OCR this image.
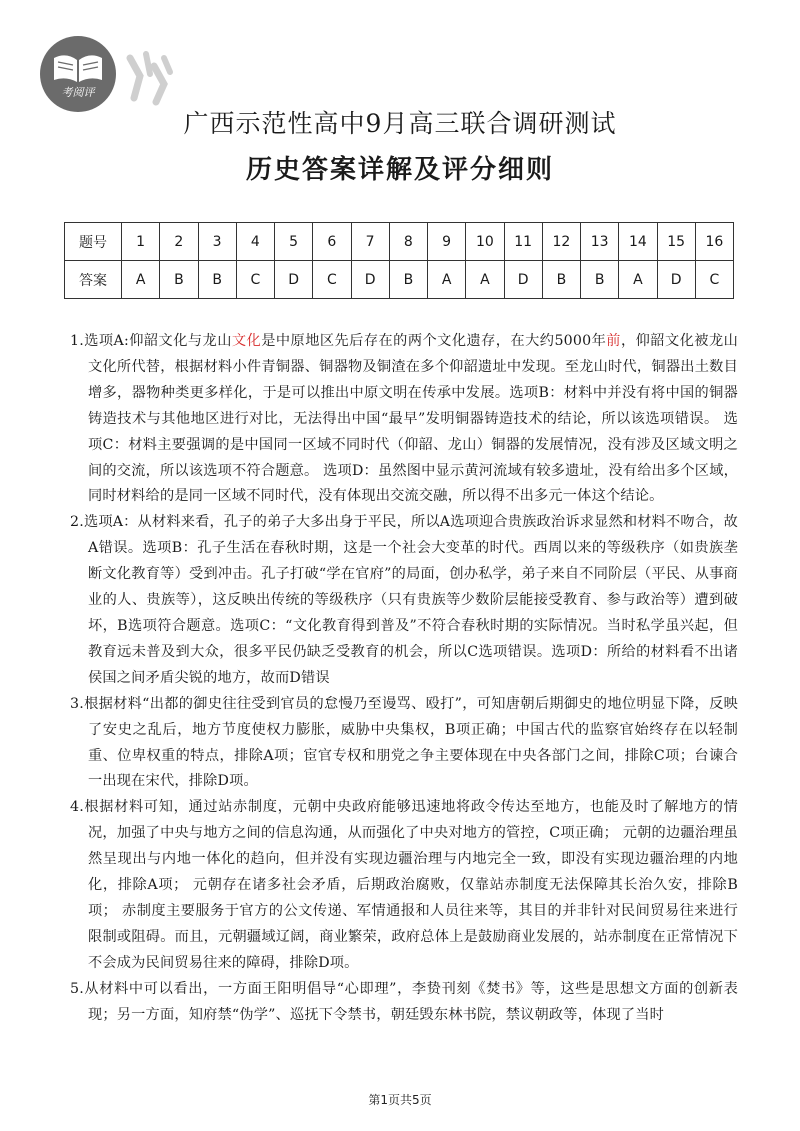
考阅评
广西示范性高中9月高三联合调研测试
历史答案详解及评分细则
题号	1	2	3	4	5	6	7	8	9	10	11	12	13	14	15	16
答案	A	B	B	C	D	C	D	B	A	A	D	B	B	A	D	C

1.选项A:仰韶文化与龙山文化是中原地区先后存在的两个文化遗存，在大约5000年前，仰韶文化被龙山文化所代替，根据材料小件青铜器、铜器物及铜渣在多个仰韶遗址中发现。至龙山时代，铜器出土数目增多，器物种类更多样化，于是可以推出中原文明在传承中发展。选项B：材料中并没有将中国的铜器铸造技术与其他地区进行对比，无法得出中国“最早”发明铜器铸造技术的结论，所以该选项错误。 选项C：材料主要强调的是中国同一区域不同时代（仰韶、龙山）铜器的发展情况，没有涉及区域文明之间的交流，所以该选项不符合题意。 选项D：虽然图中显示黄河流域有较多遗址，没有给出多个区域，同时材料给的是同一区域不同时代，没有体现出交流交融，所以得不出多元一体这个结论。

2.选项A：从材料来看，孔子的弟子大多出身于平民，所以A选项迎合贵族政治诉求显然和材料不吻合，故A错误。选项B：孔子生活在春秋时期，这是一个社会大变革的时代。西周以来的等级秩序（如贵族垄断文化教育等）受到冲击。孔子打破“学在官府”的局面，创办私学，弟子来自不同阶层（平民、从事商业的人、贵族等），这反映出传统的等级秩序（只有贵族等少数阶层能接受教育、参与政治等）遭到破坏，B选项符合题意。选项C：“文化教育得到普及”不符合春秋时期的实际情况。当时私学虽兴起，但教育远未普及到大众，很多平民仍缺乏受教育的机会，所以C选项错误。选项D：所给的材料看不出诸侯国之间矛盾尖锐的地方，故而D错误

3.根据材料“出都的御史往往受到官员的怠慢乃至谩骂、殴打”，可知唐朝后期御史的地位明显下降，反映了安史之乱后，地方节度使权力膨胀，威胁中央集权，B项正确；中国古代的监察官始终存在以轻制重、位卑权重的特点，排除A项；宦官专权和朋党之争主要体现在中央各部门之间，排除C项；台谏合一出现在宋代，排除D项。

4.根据材料可知，通过站赤制度，元朝中央政府能够迅速地将政令传达至地方，也能及时了解地方的情况，加强了中央与地方之间的信息沟通，从而强化了中央对地方的管控，C项正确； 元朝的边疆治理虽然呈现出与内地一体化的趋向，但并没有实现边疆治理与内地完全一致，即没有实现边疆治理的内地化，排除A项； 元朝存在诸多社会矛盾，后期政治腐败，仅靠站赤制度无法保障其长治久安，排除B项； 赤制度主要服务于官方的公文传递、军情通报和人员往来等，其目的并非针对民间贸易往来进行限制或阻碍。而且，元朝疆域辽阔，商业繁荣，政府总体上是鼓励商业发展的，站赤制度在正常情况下不会成为民间贸易往来的障碍，排除D项。

5.从材料中可以看出，一方面王阳明倡导“心即理”，李贽刊刻《焚书》等，这些是思想文方面的创新表现；另一方面，知府禁“伪学”、巡抚下令禁书，朝廷毁东林书院，禁议朝政等，体现了当时

第1页共5页
